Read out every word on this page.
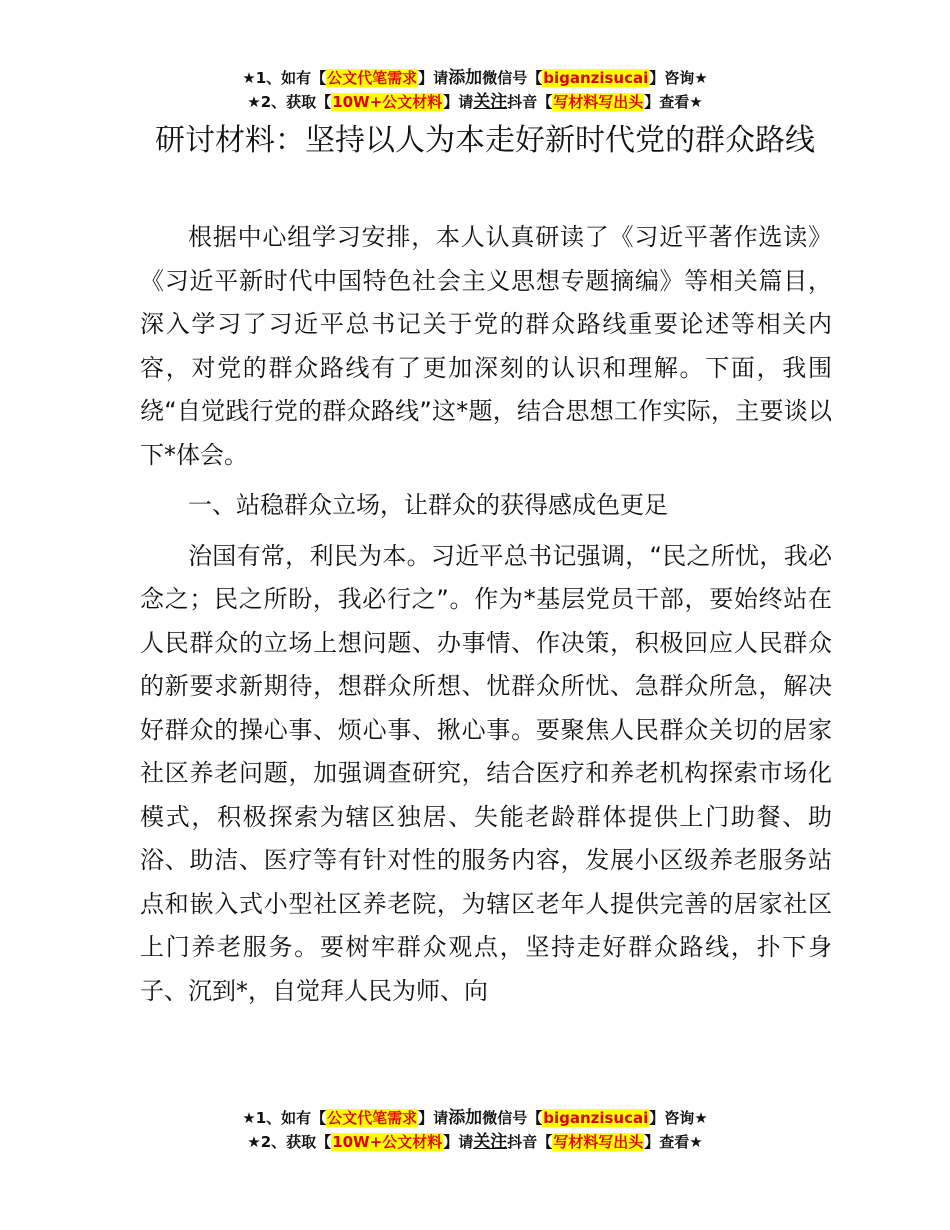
★1、如有【公文代笔需求】请添加微信号【biganzisucai】咨询★
★2、获取【10W+公文材料】请关注抖音【写材料写出头】查看★
研讨材料：坚持以人为本走好新时代党的群众路线

根据中心组学习安排，本人认真研读了《习近平著作选读》《习近平新时代中国特色社会主义思想专题摘编》等相关篇目，深入学习了习近平总书记关于党的群众路线重要论述等相关内容，对党的群众路线有了更加深刻的认识和理解。下面，我围绕“自觉践行党的群众路线”这*题，结合思想工作实际，主要谈以下*体会。

一、站稳群众立场，让群众的获得感成色更足

治国有常，利民为本。习近平总书记强调，“民之所忧，我必念之；民之所盼，我必行之”。作为*基层党员干部，要始终站在人民群众的立场上想问题、办事情、作决策，积极回应人民群众的新要求新期待，想群众所想、忧群众所忧、急群众所急，解决好群众的操心事、烦心事、揪心事。要聚焦人民群众关切的居家社区养老问题，加强调查研究，结合医疗和养老机构探索市场化模式，积极探索为辖区独居、失能老龄群体提供上门助餐、助浴、助洁、医疗等有针对性的服务内容，发展小区级养老服务站点和嵌入式小型社区养老院，为辖区老年人提供完善的居家社区上门养老服务。要树牢群众观点，坚持走好群众路线，扑下身子、沉到*，自觉拜人民为师、向

★1、如有【公文代笔需求】请添加微信号【biganzisucai】咨询★
★2、获取【10W+公文材料】请关注抖音【写材料写出头】查看★
